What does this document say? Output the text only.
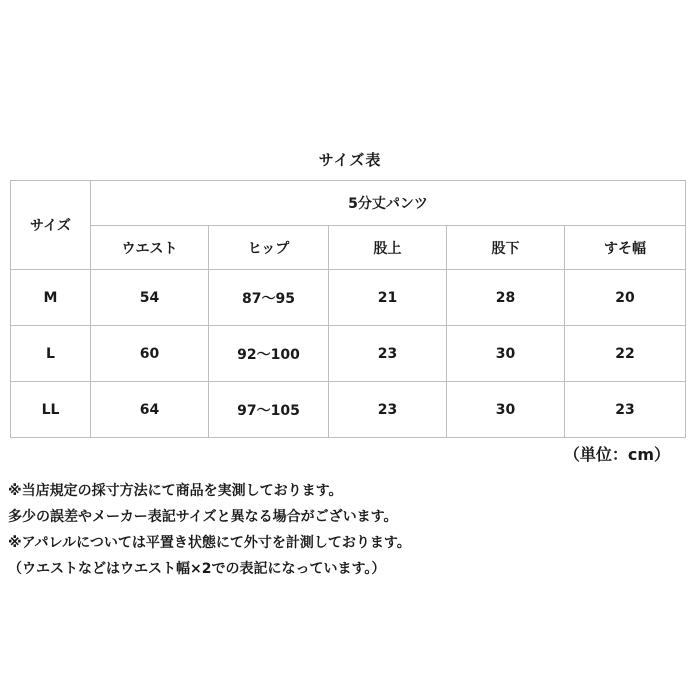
サイズ表
サイズ	5分丈パンツ				
	ウエスト	ヒップ	股上	股下	すそ幅
M	54	87〜95	21	28	20
L	60	92〜100	23	30	22
LL	64	97〜105	23	30	23
（単位：cm）
※当店規定の採寸方法にて商品を実測しております。
多少の誤差やメーカー表記サイズと異なる場合がございます。
※アパレルについては平置き状態にて外寸を計測しております。
（ウエストなどはウエスト幅×2での表記になっています。）
